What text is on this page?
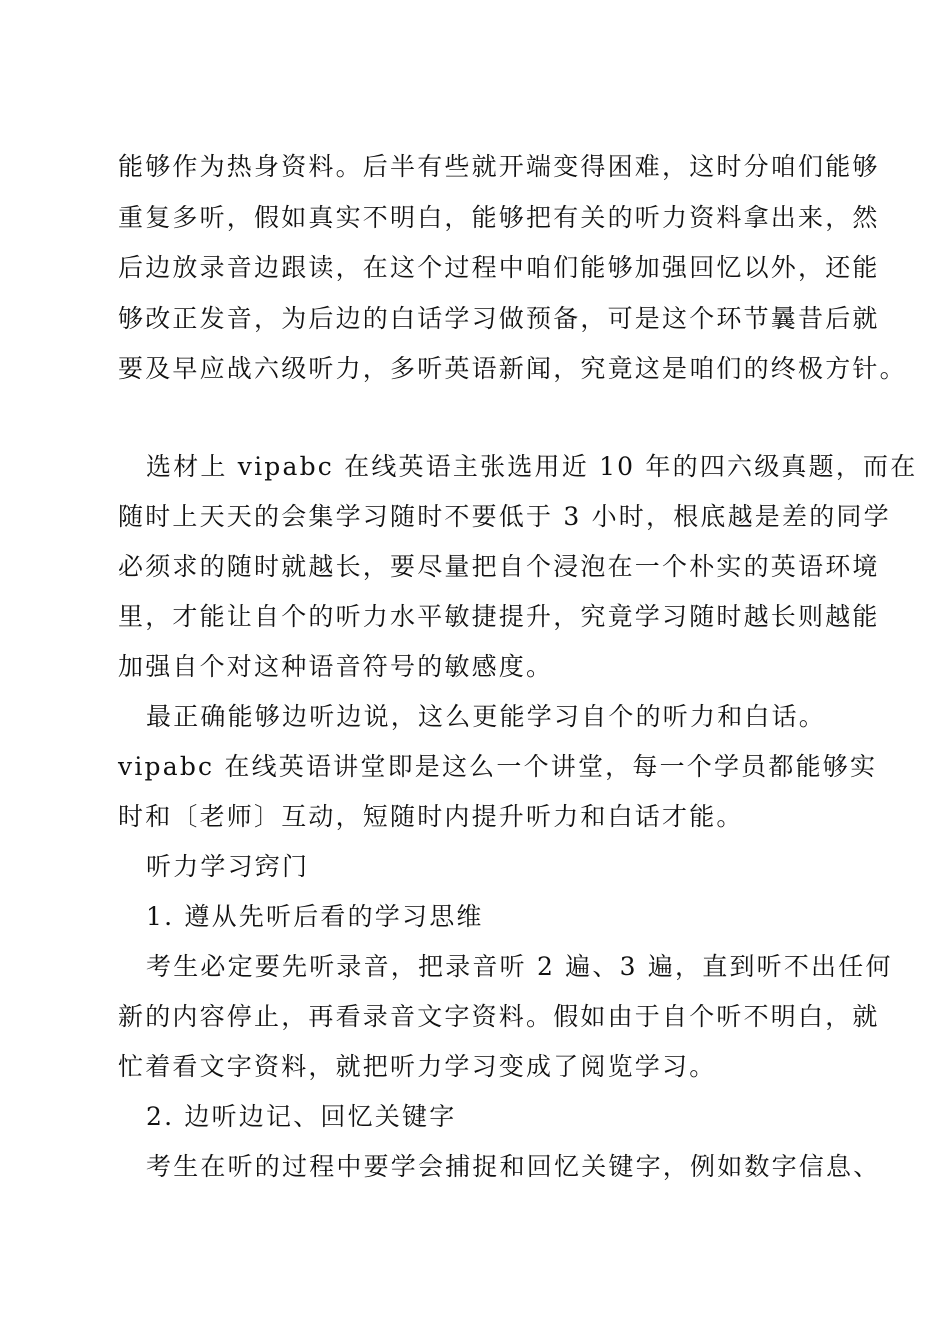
能够作为热身资料。后半有些就开端变得困难，这时分咱们能够
重复多听，假如真实不明白，能够把有关的听力资料拿出来，然
后边放录音边跟读，在这个过程中咱们能够加强回忆以外，还能
够改正发音，为后边的白话学习做预备，可是这个环节曩昔后就
要及早应战六级听力，多听英语新闻，究竟这是咱们的终极方针。
选材上 vipabc 在线英语主张选用近 10 年的四六级真题，而在
随时上天天的会集学习随时不要低于 3 小时，根底越是差的同学
必须求的随时就越长，要尽量把自个浸泡在一个朴实的英语环境
里，才能让自个的听力水平敏捷提升，究竟学习随时越长则越能
加强自个对这种语音符号的敏感度。
最正确能够边听边说，这么更能学习自个的听力和白话。
vipabc 在线英语讲堂即是这么一个讲堂，每一个学员都能够实
时和〔老师〕互动，短随时内提升听力和白话才能。
听力学习窍门
1. 遵从先听后看的学习思维
考生必定要先听录音，把录音听 2 遍、3 遍，直到听不出任何
新的内容停止，再看录音文字资料。假如由于自个听不明白，就
忙着看文字资料，就把听力学习变成了阅览学习。
2. 边听边记、回忆关键字
考生在听的过程中要学会捕捉和回忆关键字，例如数字信息、
